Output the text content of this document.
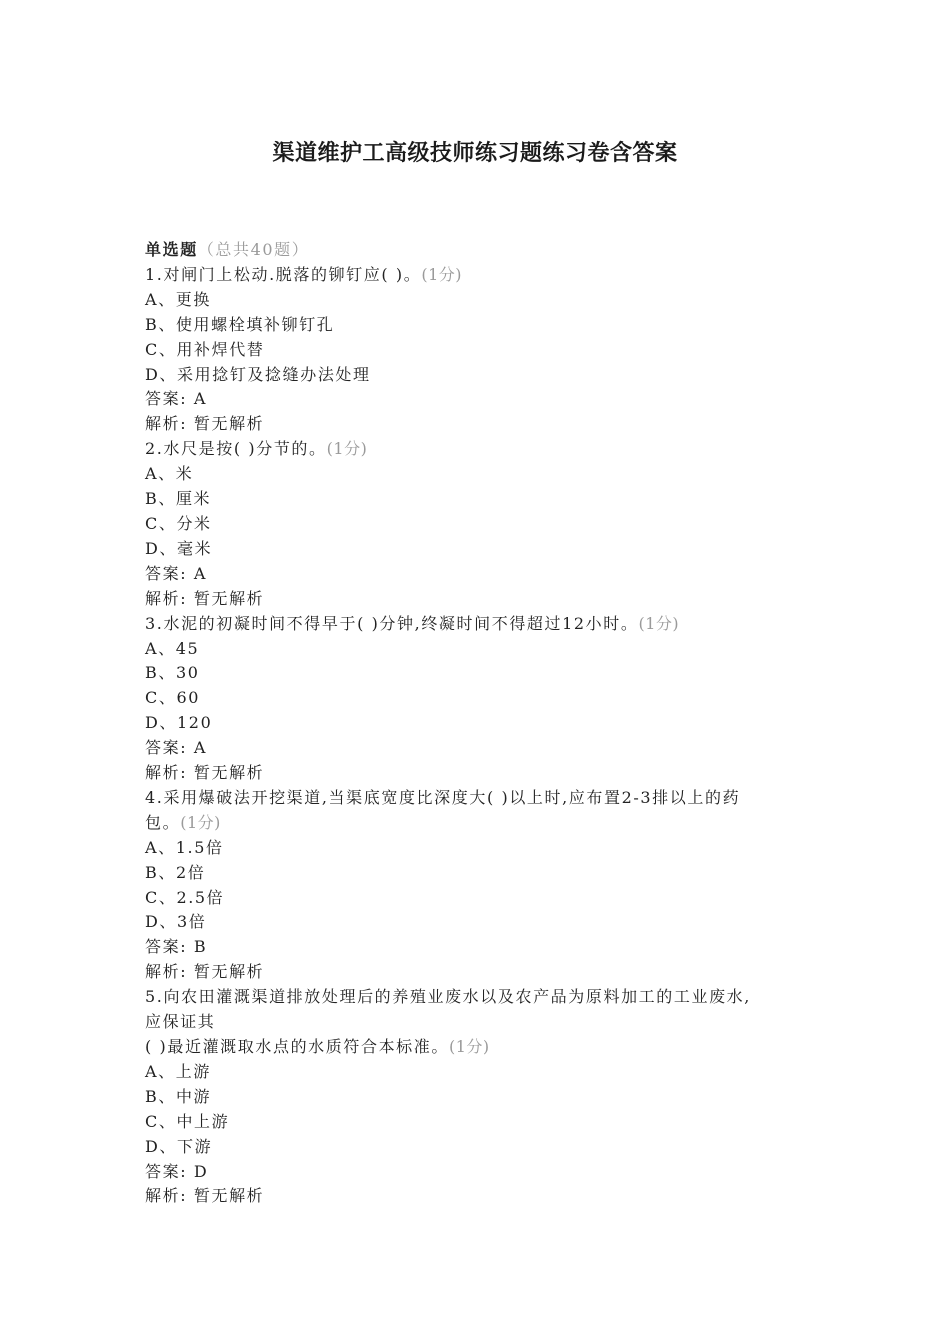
渠道维护工高级技师练习题练习卷含答案
单选题（总共40题）
1.对闸门上松动.脱落的铆钉应( )。(1分)
A、更换
B、使用螺栓填补铆钉孔
C、用补焊代替
D、采用捻钉及捻缝办法处理
答案: A
解析: 暂无解析
2.水尺是按( )分节的。(1分)
A、米
B、厘米
C、分米
D、毫米
答案: A
解析: 暂无解析
3.水泥的初凝时间不得早于( )分钟,终凝时间不得超过12小时。(1分)
A、45
B、30
C、60
D、120
答案: A
解析: 暂无解析
4.采用爆破法开挖渠道,当渠底宽度比深度大( )以上时,应布置2-3排以上的药
包。(1分)
A、1.5倍
B、2倍
C、2.5倍
D、3倍
答案: B
解析: 暂无解析
5.向农田灌溉渠道排放处理后的养殖业废水以及农产品为原料加工的工业废水,
应保证其
( )最近灌溉取水点的水质符合本标准。(1分)
A、上游
B、中游
C、中上游
D、下游
答案: D
解析: 暂无解析
